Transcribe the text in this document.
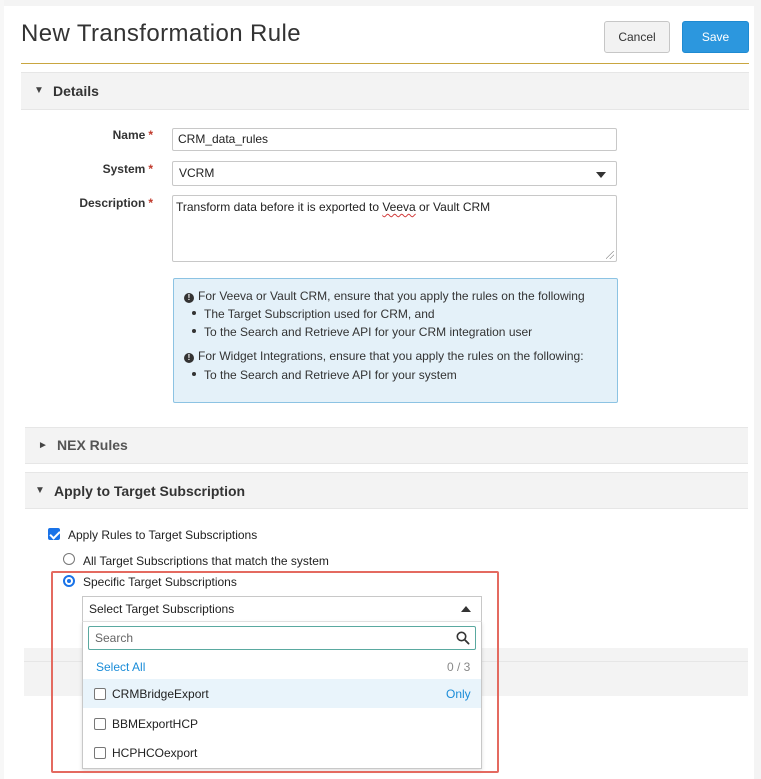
New Transformation Rule	Cancel	Save
▼ Details
Name *	CRM_data_rules
System *	VCRM
Description *	Transform data before it is exported to Veeva or Vault CRM
! For Veeva or Vault CRM, ensure that you apply the rules on the following
The Target Subscription used for CRM, and
To the Search and Retrieve API for your CRM integration user
! For Widget Integrations, ensure that you apply the rules on the following:
To the Search and Retrieve API for your system
► NEX Rules
▼ Apply to Target Subscription
Apply Rules to Target Subscriptions
All Target Subscriptions that match the system
Specific Target Subscriptions
Select Target Subscriptions
Search
Select All	0 / 3
CRMBridgeExport	Only
BBMExportHCP
HCPHCOexport
